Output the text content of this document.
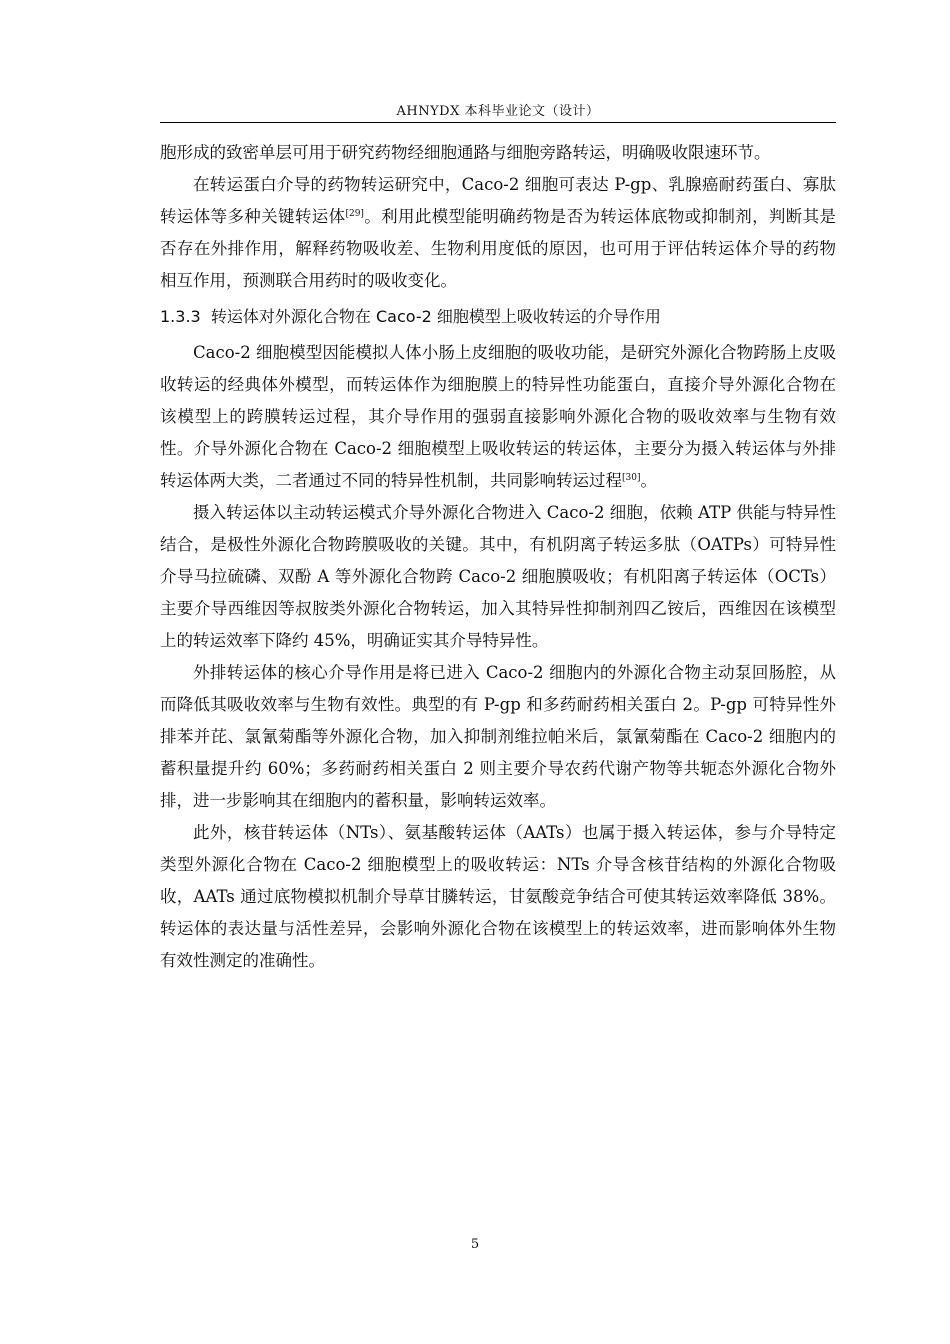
AHNYDX 本科毕业论文（设计）

胞形成的致密单层可用于研究药物经细胞通路与细胞旁路转运，明确吸收限速环节。

在转运蛋白介导的药物转运研究中，Caco-2 细胞可表达 P-gp、乳腺癌耐药蛋白、寡肽转运体等多种关键转运体[29]。利用此模型能明确药物是否为转运体底物或抑制剂，判断其是否存在外排作用，解释药物吸收差、生物利用度低的原因，也可用于评估转运体介导的药物相互作用，预测联合用药时的吸收变化。

1.3.3 转运体对外源化合物在 Caco-2 细胞模型上吸收转运的介导作用

Caco-2 细胞模型因能模拟人体小肠上皮细胞的吸收功能，是研究外源化合物跨肠上皮吸收转运的经典体外模型，而转运体作为细胞膜上的特异性功能蛋白，直接介导外源化合物在该模型上的跨膜转运过程，其介导作用的强弱直接影响外源化合物的吸收效率与生物有效性。介导外源化合物在 Caco-2 细胞模型上吸收转运的转运体，主要分为摄入转运体与外排转运体两大类，二者通过不同的特异性机制，共同影响转运过程[30]。

摄入转运体以主动转运模式介导外源化合物进入 Caco-2 细胞，依赖 ATP 供能与特异性结合，是极性外源化合物跨膜吸收的关键。其中，有机阴离子转运多肽（OATPs）可特异性介导马拉硫磷、双酚 A 等外源化合物跨 Caco-2 细胞膜吸收；有机阳离子转运体（OCTs）主要介导西维因等叔胺类外源化合物转运，加入其特异性抑制剂四乙铵后，西维因在该模型上的转运效率下降约 45%，明确证实其介导特异性。

外排转运体的核心介导作用是将已进入 Caco-2 细胞内的外源化合物主动泵回肠腔，从而降低其吸收效率与生物有效性。典型的有 P-gp 和多药耐药相关蛋白 2。P-gp 可特异性外排苯并芘、氯氰菊酯等外源化合物，加入抑制剂维拉帕米后，氯氰菊酯在 Caco-2 细胞内的蓄积量提升约 60%；多药耐药相关蛋白 2 则主要介导农药代谢产物等共轭态外源化合物外排，进一步影响其在细胞内的蓄积量，影响转运效率。

此外，核苷转运体（NTs）、氨基酸转运体（AATs）也属于摄入转运体，参与介导特定类型外源化合物在 Caco-2 细胞模型上的吸收转运：NTs 介导含核苷结构的外源化合物吸收，AATs 通过底物模拟机制介导草甘膦转运，甘氨酸竞争结合可使其转运效率降低 38%。转运体的表达量与活性差异，会影响外源化合物在该模型上的转运效率，进而影响体外生物有效性测定的准确性。

5
